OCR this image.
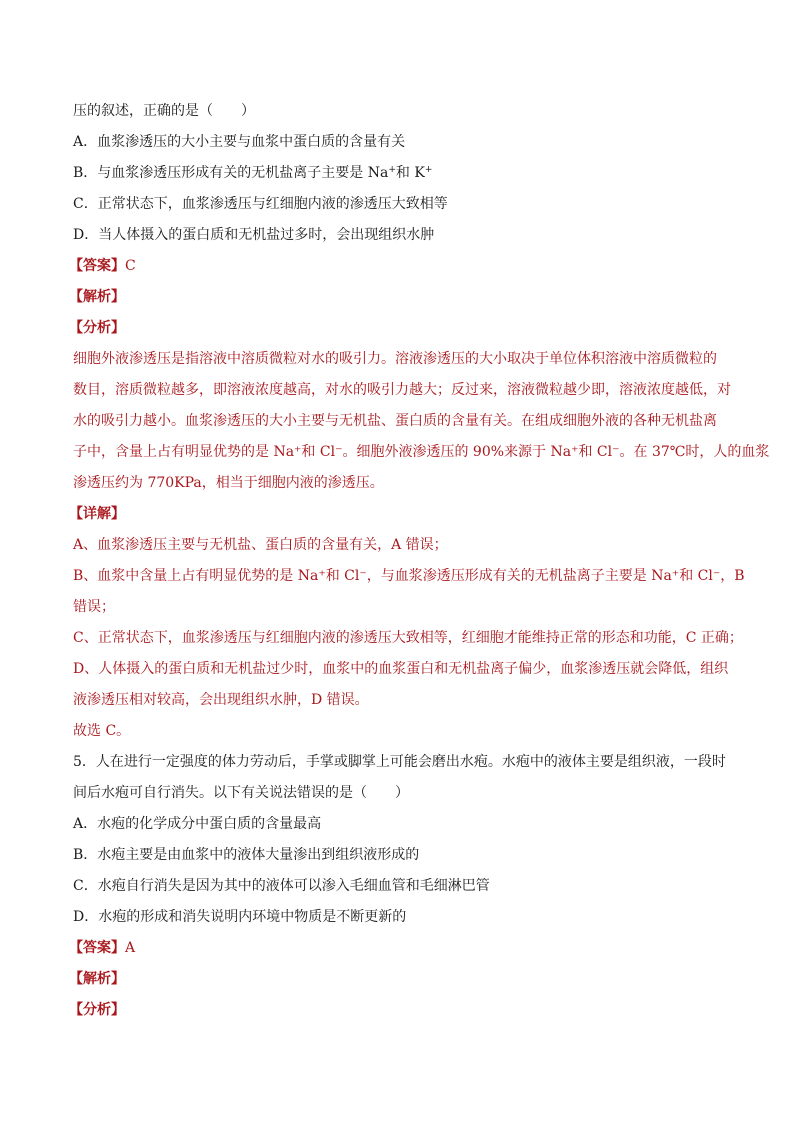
压的叙述，正确的是（　　）
A．血浆渗透压的大小主要与血浆中蛋白质的含量有关
B．与血浆渗透压形成有关的无机盐离子主要是 Na+和 K+
C．正常状态下，血浆渗透压与红细胞内液的渗透压大致相等
D．当人体摄入的蛋白质和无机盐过多时，会出现组织水肿
【答案】C
【解析】
【分析】
细胞外液渗透压是指溶液中溶质微粒对水的吸引力。溶液渗透压的大小取决于单位体积溶液中溶质微粒的
数目，溶质微粒越多，即溶液浓度越高，对水的吸引力越大；反过来，溶液微粒越少即，溶液浓度越低，对
水的吸引力越小。血浆渗透压的大小主要与无机盐、蛋白质的含量有关。在组成细胞外液的各种无机盐离
子中，含量上占有明显优势的是 Na⁺和 Cl⁻。细胞外液渗透压的 90%来源于 Na⁺和 Cl⁻。在 37℃时，人的血浆
渗透压约为 770KPa，相当于细胞内液的渗透压。
【详解】
A、血浆渗透压主要与无机盐、蛋白质的含量有关，A 错误；
B、血浆中含量上占有明显优势的是 Na⁺和 Cl⁻，与血浆渗透压形成有关的无机盐离子主要是 Na⁺和 Cl⁻，B
错误；
C、正常状态下，血浆渗透压与红细胞内液的渗透压大致相等，红细胞才能维持正常的形态和功能，C 正确；
D、人体摄入的蛋白质和无机盐过少时，血浆中的血浆蛋白和无机盐离子偏少，血浆渗透压就会降低，组织
液渗透压相对较高，会出现组织水肿，D 错误。
故选 C。
5．人在进行一定强度的体力劳动后，手掌或脚掌上可能会磨出水疱。水疱中的液体主要是组织液，一段时
间后水疱可自行消失。以下有关说法错误的是（　　）
A．水疱的化学成分中蛋白质的含量最高
B．水疱主要是由血浆中的液体大量渗出到组织液形成的
C．水疱自行消失是因为其中的液体可以渗入毛细血管和毛细淋巴管
D．水疱的形成和消失说明内环境中物质是不断更新的
【答案】A
【解析】
【分析】
